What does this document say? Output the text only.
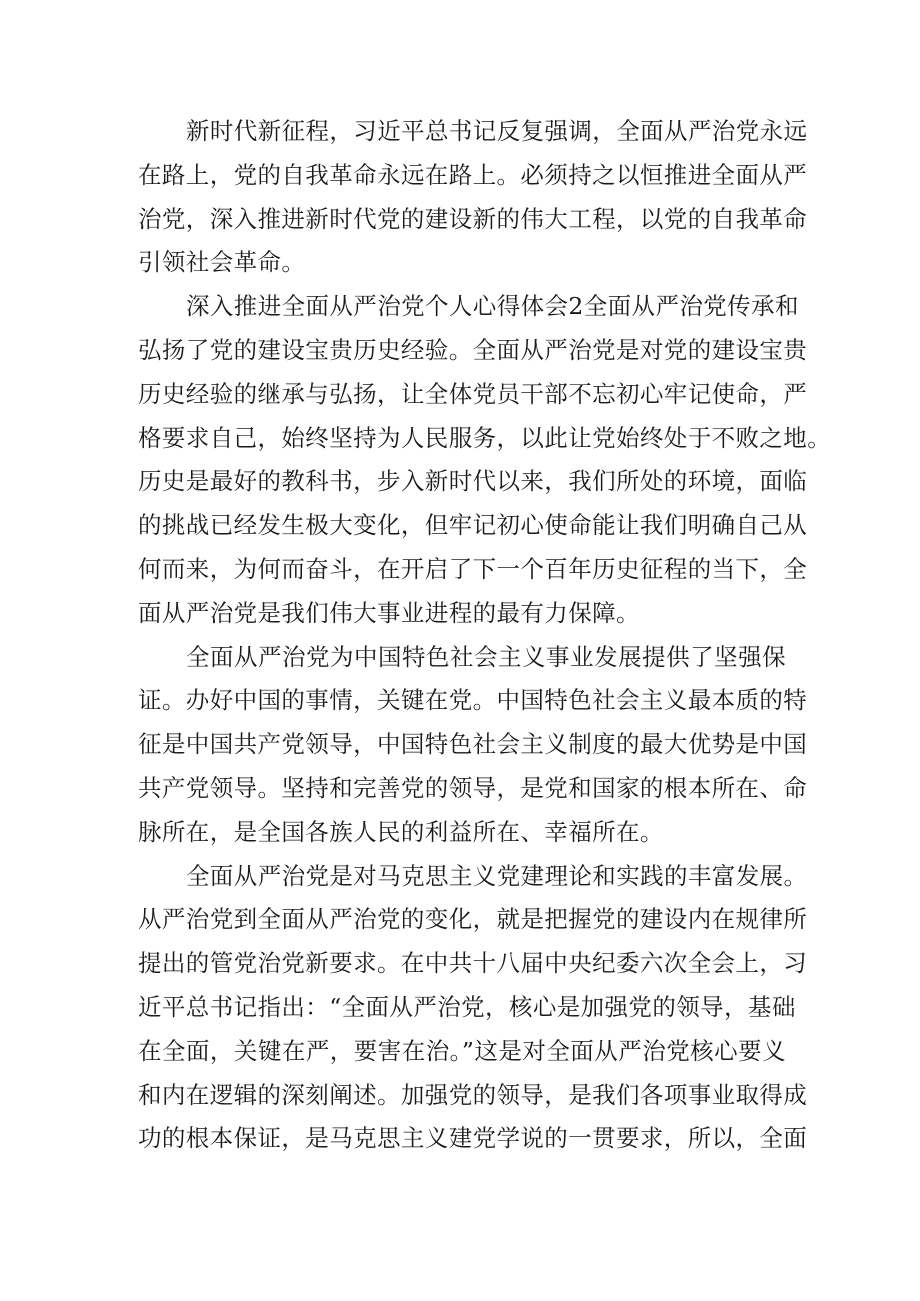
新时代新征程，习近平总书记反复强调，全面从严治党永远
在路上，党的自我革命永远在路上。必须持之以恒推进全面从严
治党，深入推进新时代党的建设新的伟大工程，以党的自我革命
引领社会革命。
深入推进全面从严治党个人心得体会2全面从严治党传承和
弘扬了党的建设宝贵历史经验。全面从严治党是对党的建设宝贵
历史经验的继承与弘扬，让全体党员干部不忘初心牢记使命，严
格要求自己，始终坚持为人民服务，以此让党始终处于不败之地。
历史是最好的教科书，步入新时代以来，我们所处的环境，面临
的挑战已经发生极大变化，但牢记初心使命能让我们明确自己从
何而来，为何而奋斗，在开启了下一个百年历史征程的当下，全
面从严治党是我们伟大事业进程的最有力保障。
全面从严治党为中国特色社会主义事业发展提供了坚强保
证。办好中国的事情，关键在党。中国特色社会主义最本质的特
征是中国共产党领导，中国特色社会主义制度的最大优势是中国
共产党领导。坚持和完善党的领导，是党和国家的根本所在、命
脉所在，是全国各族人民的利益所在、幸福所在。
全面从严治党是对马克思主义党建理论和实践的丰富发展。
从严治党到全面从严治党的变化，就是把握党的建设内在规律所
提出的管党治党新要求。在中共十八届中央纪委六次全会上，习
近平总书记指出：“全面从严治党，核心是加强党的领导，基础
在全面，关键在严，要害在治。”这是对全面从严治党核心要义
和内在逻辑的深刻阐述。加强党的领导，是我们各项事业取得成
功的根本保证，是马克思主义建党学说的一贯要求，所以，全面
